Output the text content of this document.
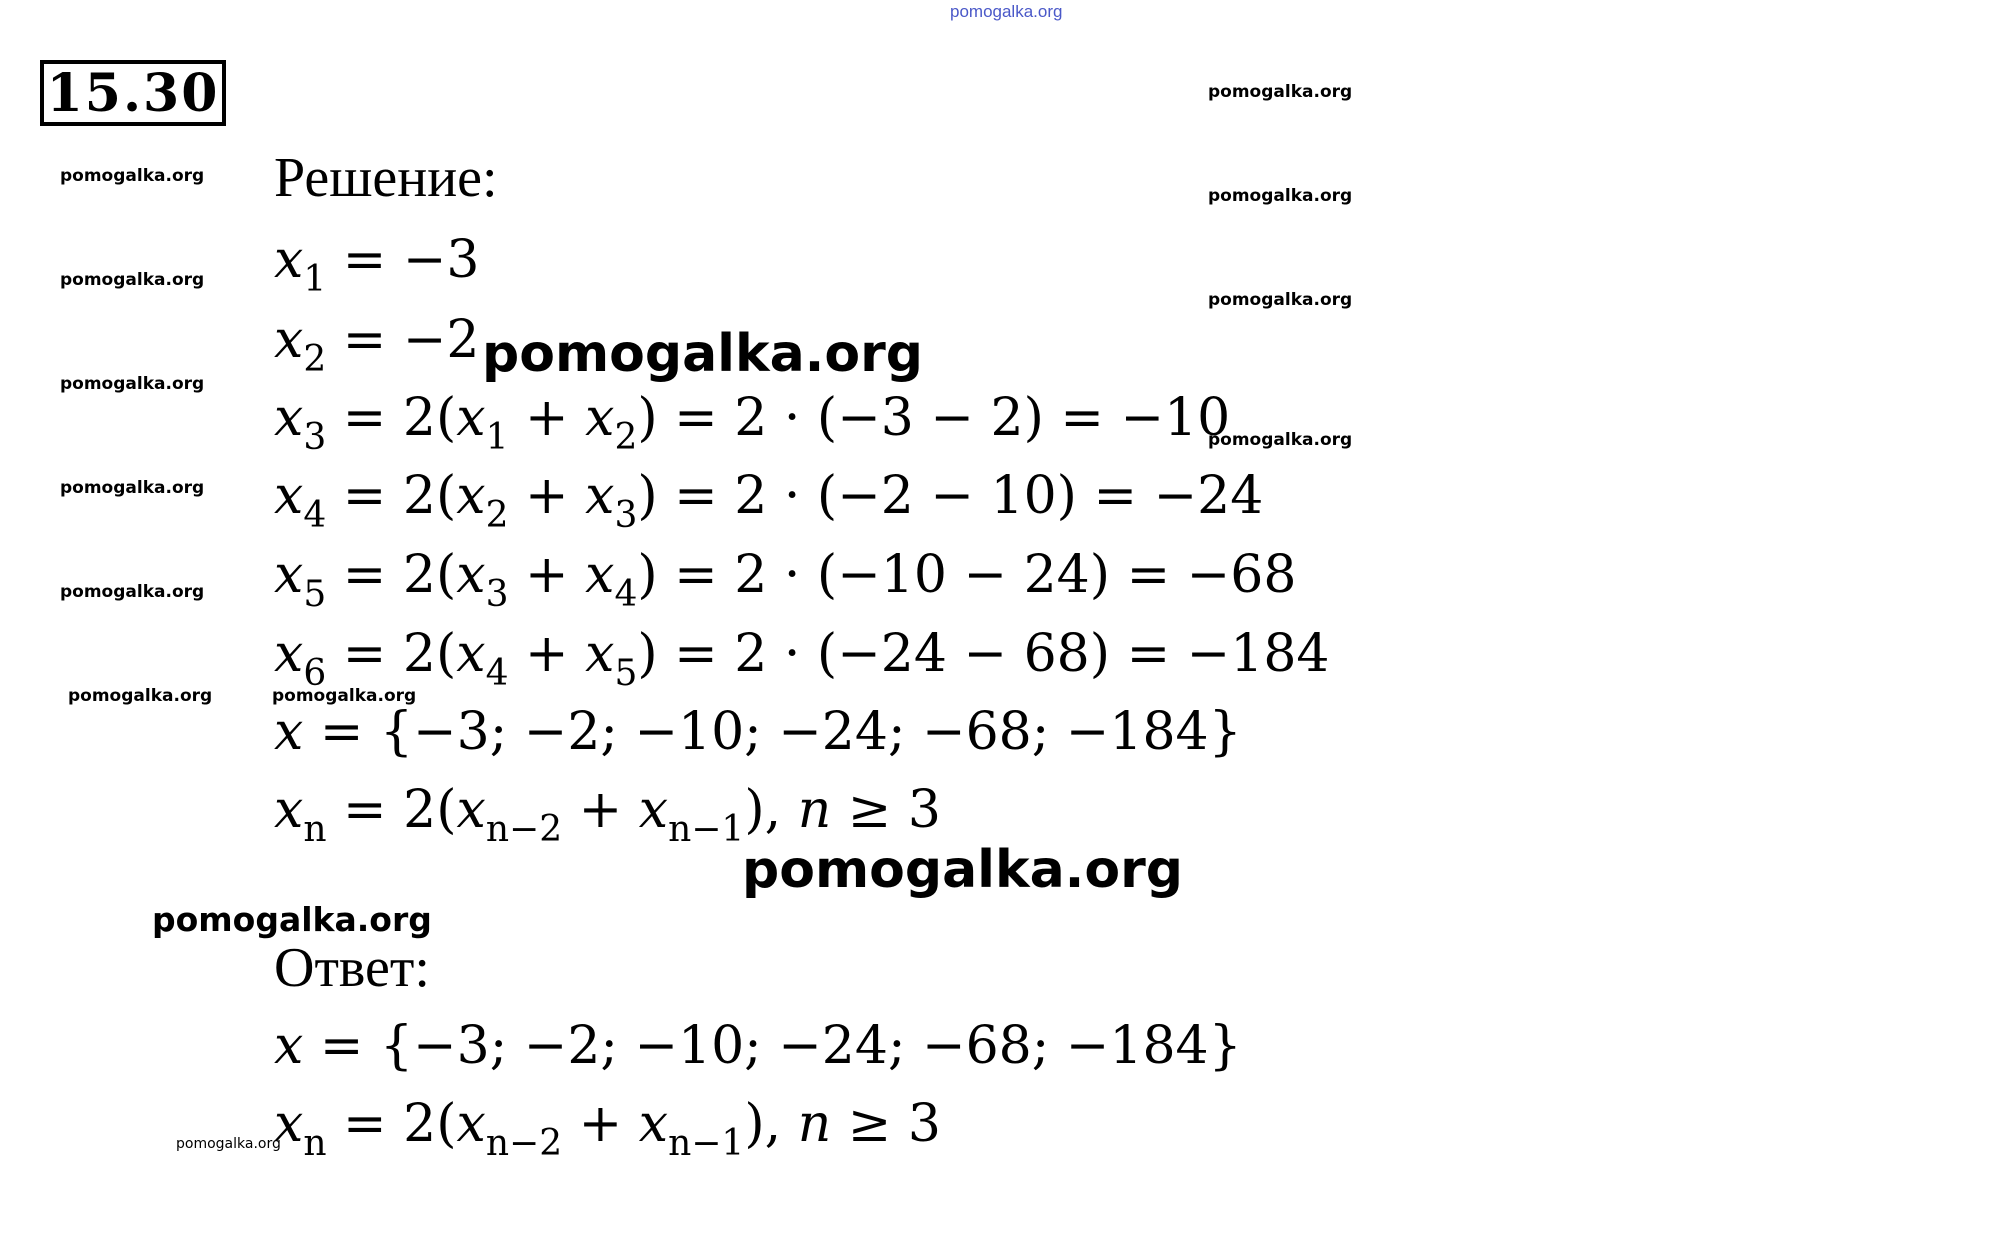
pomogalka.org
15.30
pomogalka.org
pomogalka.org
pomogalka.org
pomogalka.org
pomogalka.org
pomogalka.org	pomogalka.org
pomogalka.org
pomogalka.org
pomogalka.org
pomogalka.org
pomogalka.org
pomogalka.org
pomogalka.org
pomogalka.org
Решение:
$x_1 = -3$
$x_2 = -2$
$x_3 = 2(x_1 + x_2) = 2 \cdot (-3 - 2) = -10$
$x_4 = 2(x_2 + x_3) = 2 \cdot (-2 - 10) = -24$
$x_5 = 2(x_3 + x_4) = 2 \cdot (-10 - 24) = -68$
$x_6 = 2(x_4 + x_5) = 2 \cdot (-24 - 68) = -184$
x = {−3; −2; −10; −24; −68; −184}
$x_n = 2(x_{n-2} + x_{n-1})$, n ≥ 3
Ответ:
x = {−3; −2; −10; −24; −68; −184}
$x_n = 2(x_{n-2} + x_{n-1})$, n ≥ 3
